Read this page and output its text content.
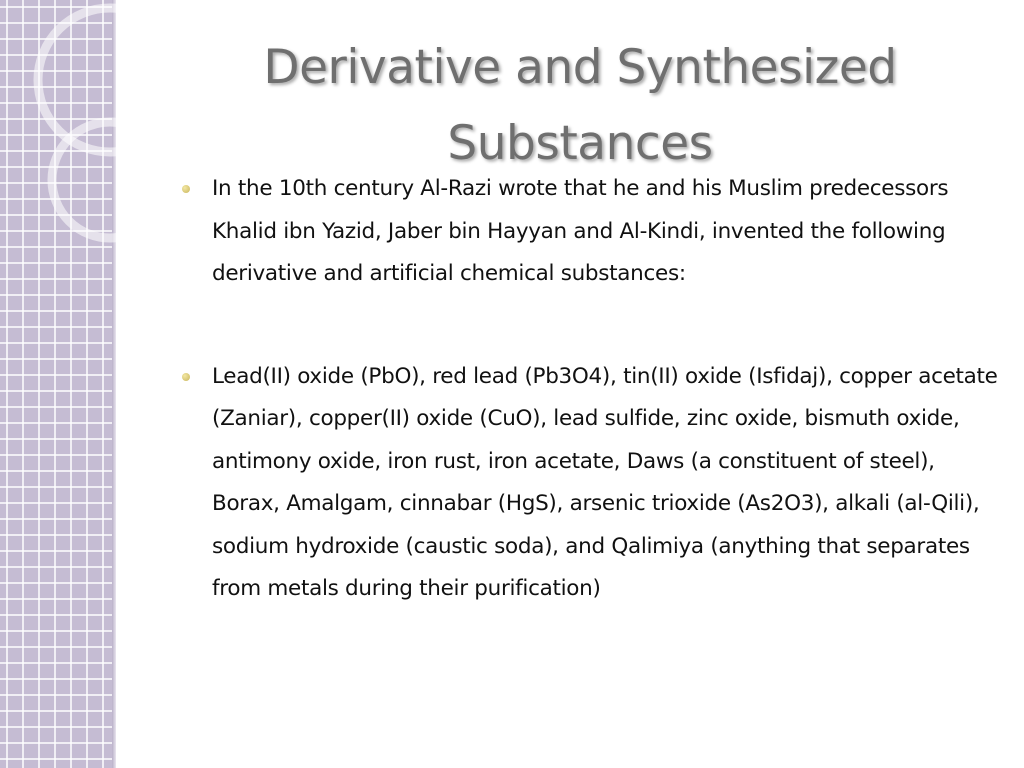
Derivative and Synthesized Substances
In the 10th century Al-Razi wrote that he and his Muslim predecessors Khalid ibn Yazid, Jaber bin Hayyan and Al-Kindi, invented the following derivative and artificial chemical substances:
Lead(II) oxide (PbO), red lead (Pb3O4), tin(II) oxide (Isfidaj), copper acetate (Zaniar), copper(II) oxide (CuO), lead sulfide, zinc oxide, bismuth oxide, antimony oxide, iron rust, iron acetate, Daws (a constituent of steel), Borax, Amalgam, cinnabar (HgS), arsenic trioxide (As2O3), alkali (al-Qili), sodium hydroxide (caustic soda), and Qalimiya (anything that separates from metals during their purification)
